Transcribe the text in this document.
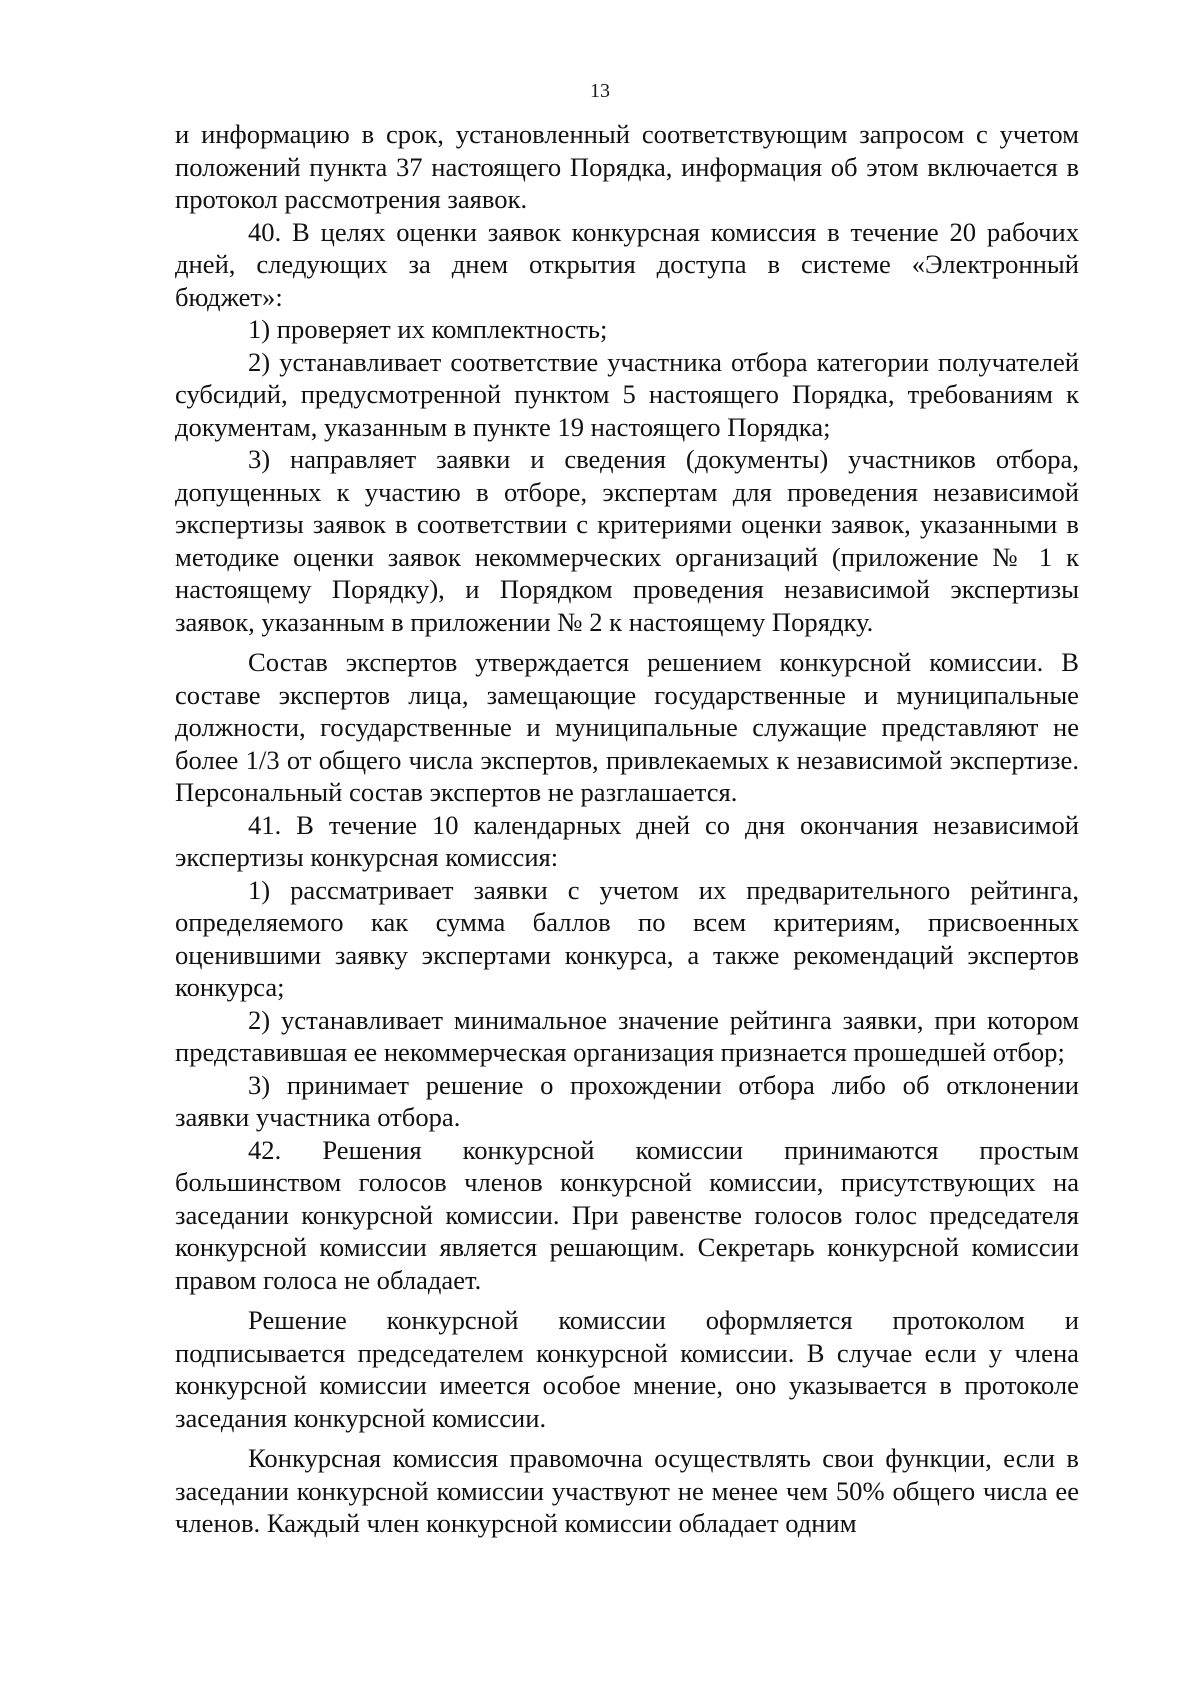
13

и информацию в срок, установленный соответствующим запросом с учетом положений пункта 37 настоящего Порядка, информация об этом включается в протокол рассмотрения заявок.

40. В целях оценки заявок конкурсная комиссия в течение 20 рабочих дней, следующих за днем открытия доступа в системе «Электронный бюджет»:

1) проверяет их комплектность;

2) устанавливает соответствие участника отбора категории получателей субсидий, предусмотренной пунктом 5 настоящего Порядка, требованиям к документам, указанным в пункте 19 настоящего Порядка;

3) направляет заявки и сведения (документы) участников отбора, допущенных к участию в отборе, экспертам для проведения независимой экспертизы заявок в соответствии с критериями оценки заявок, указанными в методике оценки заявок некоммерческих организаций (приложение № 1 к настоящему Порядку), и Порядком проведения независимой экспертизы заявок, указанным в приложении № 2 к настоящему Порядку.

Состав экспертов утверждается решением конкурсной комиссии. В составе экспертов лица, замещающие государственные и муниципальные должности, государственные и муниципальные служащие представляют не более 1/3 от общего числа экспертов, привлекаемых к независимой экспертизе. Персональный состав экспертов не разглашается.

41. В течение 10 календарных дней со дня окончания независимой экспертизы конкурсная комиссия:

1) рассматривает заявки с учетом их предварительного рейтинга, определяемого как сумма баллов по всем критериям, присвоенных оценившими заявку экспертами конкурса, а также рекомендаций экспертов конкурса;

2) устанавливает минимальное значение рейтинга заявки, при котором представившая ее некоммерческая организация признается прошедшей отбор;

3) принимает решение о прохождении отбора либо об отклонении заявки участника отбора.

42. Решения конкурсной комиссии принимаются простым большинством голосов членов конкурсной комиссии, присутствующих на заседании конкурсной комиссии. При равенстве голосов голос председателя конкурсной комиссии является решающим. Секретарь конкурсной комиссии правом голоса не обладает.

Решение конкурсной комиссии оформляется протоколом и подписывается председателем конкурсной комиссии. В случае если у члена конкурсной комиссии имеется особое мнение, оно указывается в протоколе заседания конкурсной комиссии.

Конкурсная комиссия правомочна осуществлять свои функции, если в заседании конкурсной комиссии участвуют не менее чем 50% общего числа ее членов. Каждый член конкурсной комиссии обладает одним
